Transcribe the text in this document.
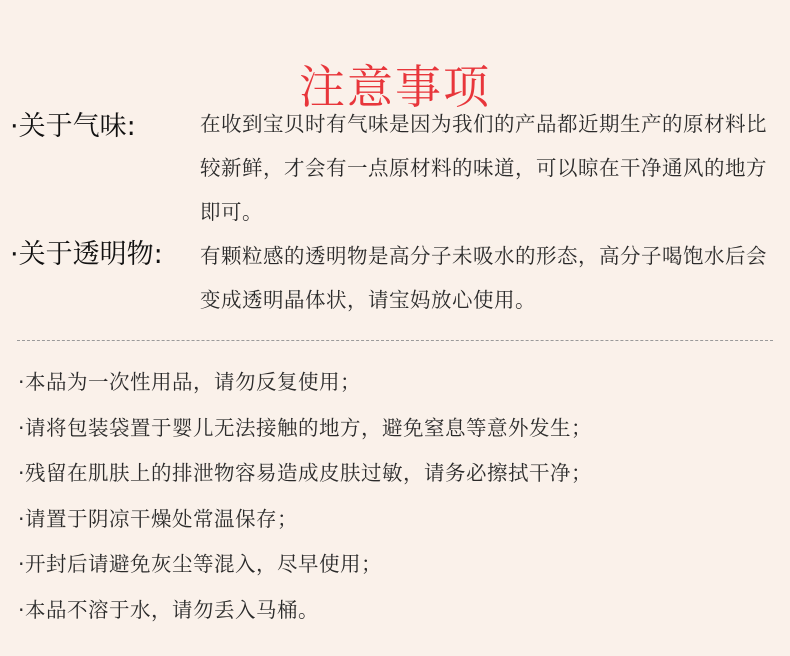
注意事项
·关于气味:	在收到宝贝时有气味是因为我们的产品都近期生产的原材料比较新鲜，才会有一点原材料的味道，可以晾在干净通风的地方即可。
·关于透明物: 有颗粒感的透明物是高分子未吸水的形态，高分子喝饱水后会变成透明晶体状，请宝妈放心使用。
·本品为一次性用品，请勿反复使用；
·请将包装袋置于婴儿无法接触的地方，避免窒息等意外发生；
·残留在肌肤上的排泄物容易造成皮肤过敏，请务必擦拭干净；
·请置于阴凉干燥处常温保存；
·开封后请避免灰尘等混入，尽早使用；
·本品不溶于水，请勿丢入马桶。
